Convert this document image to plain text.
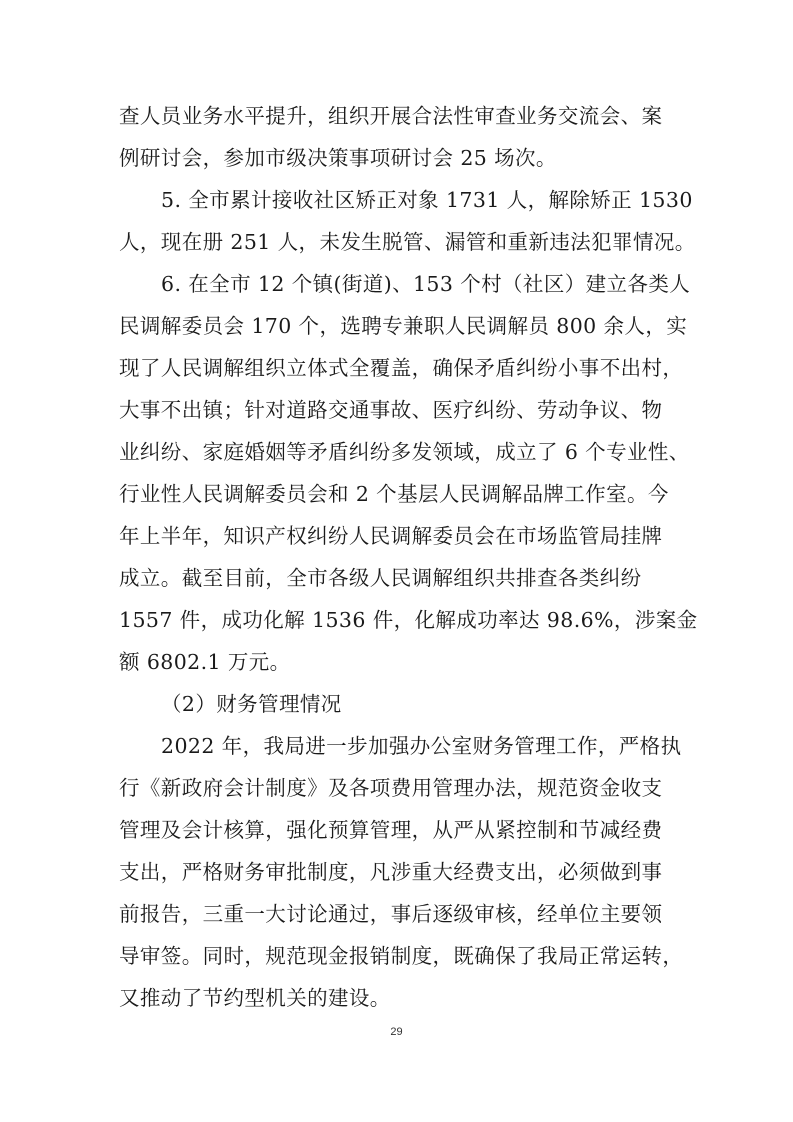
查人员业务水平提升，组织开展合法性审查业务交流会、案
例研讨会，参加市级决策事项研讨会 25 场次。
5. 全市累计接收社区矫正对象 1731 人，解除矫正 1530
人，现在册 251 人，未发生脱管、漏管和重新违法犯罪情况。
6. 在全市 12 个镇(街道)、153 个村（社区）建立各类人
民调解委员会 170 个，选聘专兼职人民调解员 800 余人，实
现了人民调解组织立体式全覆盖，确保矛盾纠纷小事不出村，
大事不出镇；针对道路交通事故、医疗纠纷、劳动争议、物
业纠纷、家庭婚姻等矛盾纠纷多发领域，成立了 6 个专业性、
行业性人民调解委员会和 2 个基层人民调解品牌工作室。今
年上半年，知识产权纠纷人民调解委员会在市场监管局挂牌
成立。截至目前，全市各级人民调解组织共排查各类纠纷
1557 件，成功化解 1536 件，化解成功率达 98.6%，涉案金
额 6802.1 万元。
（2）财务管理情况
2022 年，我局进一步加强办公室财务管理工作，严格执
行《新政府会计制度》及各项费用管理办法，规范资金收支
管理及会计核算，强化预算管理，从严从紧控制和节减经费
支出，严格财务审批制度，凡涉重大经费支出，必须做到事
前报告，三重一大讨论通过，事后逐级审核，经单位主要领
导审签。同时，规范现金报销制度，既确保了我局正常运转，
又推动了节约型机关的建设。
29
